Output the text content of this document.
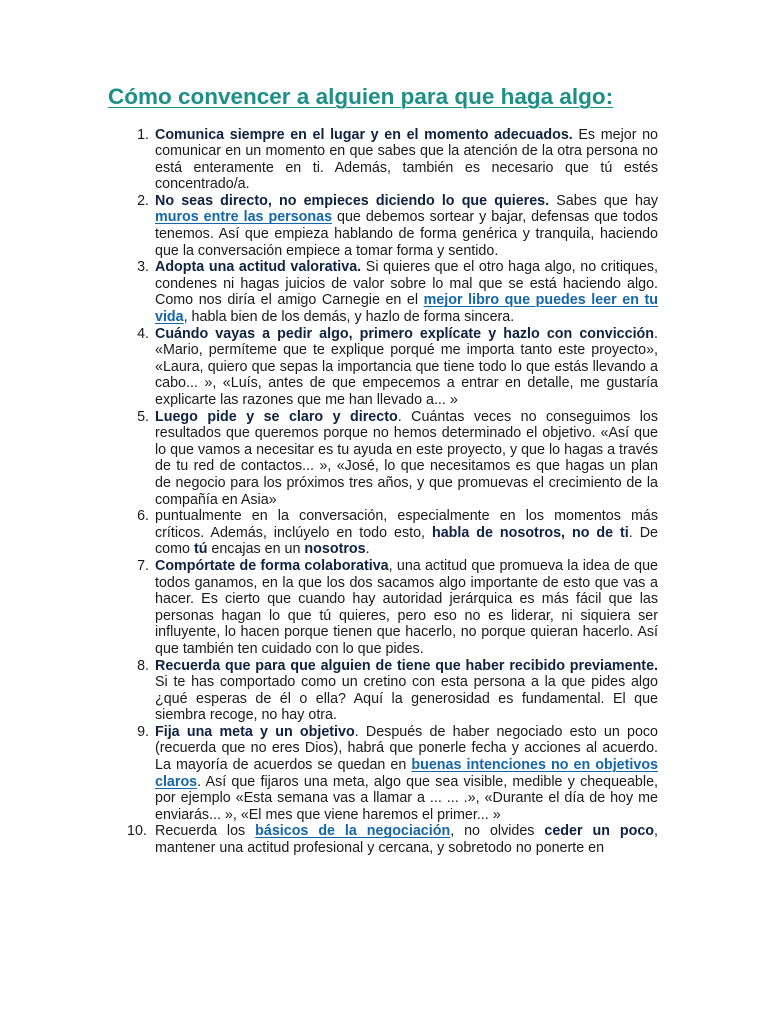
Cómo convencer a alguien para que haga algo:
1. Comunica siempre en el lugar y en el momento adecuados. Es mejor no comunicar en un momento en que sabes que la atención de la otra persona no está enteramente en ti. Además, también es necesario que tú estés concentrado/a.
2. No seas directo, no empieces diciendo lo que quieres. Sabes que hay muros entre las personas que debemos sortear y bajar, defensas que todos tenemos. Así que empieza hablando de forma genérica y tranquila, haciendo que la conversación empiece a tomar forma y sentido.
3. Adopta una actitud valorativa. Si quieres que el otro haga algo, no critiques, condenes ni hagas juicios de valor sobre lo mal que se está haciendo algo. Como nos diría el amigo Carnegie en el mejor libro que puedes leer en tu vida, habla bien de los demás, y hazlo de forma sincera.
4. Cuándo vayas a pedir algo, primero explícate y hazlo con convicción. «Mario, permíteme que te explique porqué me importa tanto este proyecto», «Laura, quiero que sepas la importancia que tiene todo lo que estás llevando a cabo... », «Luís, antes de que empecemos a entrar en detalle, me gustaría explicarte las razones que me han llevado a... »
5. Luego pide y se claro y directo. Cuántas veces no conseguimos los resultados que queremos porque no hemos determinado el objetivo. «Así que lo que vamos a necesitar es tu ayuda en este proyecto, y que lo hagas a través de tu red de contactos... », «José, lo que necesitamos es que hagas un plan de negocio para los próximos tres años, y que promuevas el crecimiento de la compañía en Asia»
6. puntualmente en la conversación, especialmente en los momentos más críticos. Además, inclúyelo en todo esto, habla de nosotros, no de ti. De como tú encajas en un nosotros.
7. Compórtate de forma colaborativa, una actitud que promueva la idea de que todos ganamos, en la que los dos sacamos algo importante de esto que vas a hacer. Es cierto que cuando hay autoridad jerárquica es más fácil que las personas hagan lo que tú quieres, pero eso no es liderar, ni siquiera ser influyente, lo hacen porque tienen que hacerlo, no porque quieran hacerlo. Así que también ten cuidado con lo que pides.
8. Recuerda que para que alguien de tiene que haber recibido previamente. Si te has comportado como un cretino con esta persona a la que pides algo ¿qué esperas de él o ella? Aquí la generosidad es fundamental. El que siembra recoge, no hay otra.
9. Fija una meta y un objetivo. Después de haber negociado esto un poco (recuerda que no eres Dios), habrá que ponerle fecha y acciones al acuerdo. La mayoría de acuerdos se quedan en buenas intenciones no en objetivos claros. Así que fijaros una meta, algo que sea visible, medible y chequeable, por ejemplo «Esta semana vas a llamar a ... ... .», «Durante el día de hoy me enviarás... », «El mes que viene haremos el primer... »
10. Recuerda los básicos de la negociación, no olvides ceder un poco, mantener una actitud profesional y cercana, y sobretodo no ponerte en
